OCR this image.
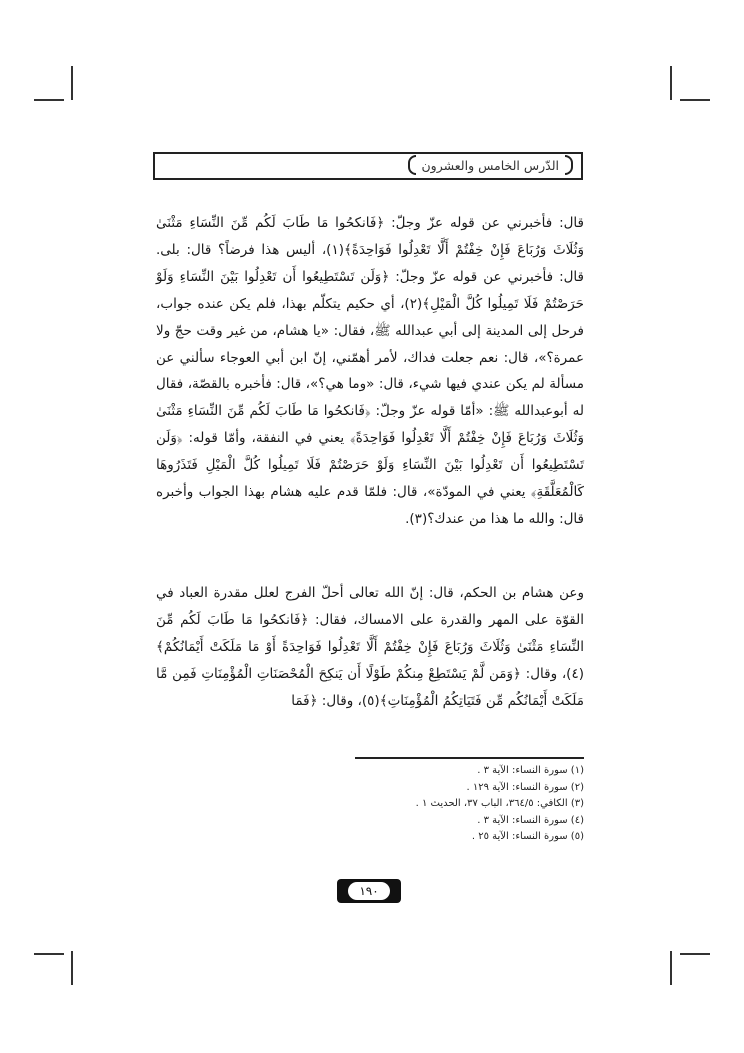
الدّرس الخامس والعشرون

قال: فأخبرني عن قوله عزّ وجلّ: ﴿فَانكحُوا مَا طَابَ لَكُم مِّنَ النِّسَاءِ مَثْنَىٰ وَثُلَاثَ وَرُبَاعَ فَإِنْ خِفْتُمْ أَلَّا تَعْدِلُوا فَوَاحِدَةً﴾(١)، أليس هذا فرضاً؟ قال: بلى. قال: فأخبرني عن قوله عزّ وجلّ: ﴿وَلَن تَسْتَطِيعُوا أَن تَعْدِلُوا بَيْنَ النِّسَاءِ وَلَوْ حَرَصْتُمْ فَلَا تَمِيلُوا كُلَّ الْمَيْلِ﴾(٢)، أي حكيم يتكلّم بهذا، فلم يكن عنده جواب، فرحل إلى المدينة إلى أبي عبدالله ﷺ، فقال: «يا هشام، من غير وقت حجّ ولا عمرة؟»، قال: نعم جعلت فداك، لأمر أهمّني، إنّ ابن أبي العوجاء سألني عن مسألة لم يكن عندي فيها شيء، قال: «وما هي؟»، قال: فأخبره بالقصّة، فقال له أبوعبدالله ﷺ: «أمّا قوله عزّ وجلّ: ﴿فَانكحُوا مَا طَابَ لَكُم مِّنَ النِّسَاءِ مَثْنَىٰ وَثُلَاثَ وَرُبَاعَ فَإِنْ خِفْتُمْ أَلَّا تَعْدِلُوا فَوَاحِدَةً﴾ يعني في النفقة، وأمّا قوله: ﴿وَلَن تَسْتَطِيعُوا أَن تَعْدِلُوا بَيْنَ النِّسَاءِ وَلَوْ حَرَصْتُمْ فَلَا تَمِيلُوا كُلَّ الْمَيْلِ فَتَذَرُوهَا كَالْمُعَلَّقَةِ﴾ يعني في المودّة»، قال: فلمّا قدم عليه هشام بهذا الجواب وأخبره قال: والله ما هذا من عندك؟(٣).

وعن هشام بن الحكم، قال: إنّ الله تعالى أحلّ الفرج لعلل مقدرة العباد في القوّة على المهر والقدرة على الامساك، فقال: ﴿فَانكحُوا مَا طَابَ لَكُم مِّنَ النِّسَاءِ مَثْنَىٰ وَثُلَاثَ وَرُبَاعَ فَإِنْ خِفْتُمْ أَلَّا تَعْدِلُوا فَوَاحِدَةً أَوْ مَا مَلَكَتْ أَيْمَانُكُمْ﴾(٤)، وقال: ﴿وَمَن لَّمْ يَسْتَطِعْ مِنكُمْ طَوْلًا أَن يَنكِحَ الْمُحْصَنَاتِ الْمُؤْمِنَاتِ فَمِن مَّا مَلَكَتْ أَيْمَانُكُم مِّن فَتَيَاتِكُمُ الْمُؤْمِنَاتِ﴾(٥)، وقال: ﴿فَمَا

(١) سورة النساء: الآية ٣ .
(٢) سورة النساء: الآية ١٢٩ .
(٣) الكافي: ٣٦٤/٥، الباب ٣٧، الحديث ١ .
(٤) سورة النساء: الآية ٣ .
(٥) سورة النساء: الآية ٢٥ .
١٩٠
